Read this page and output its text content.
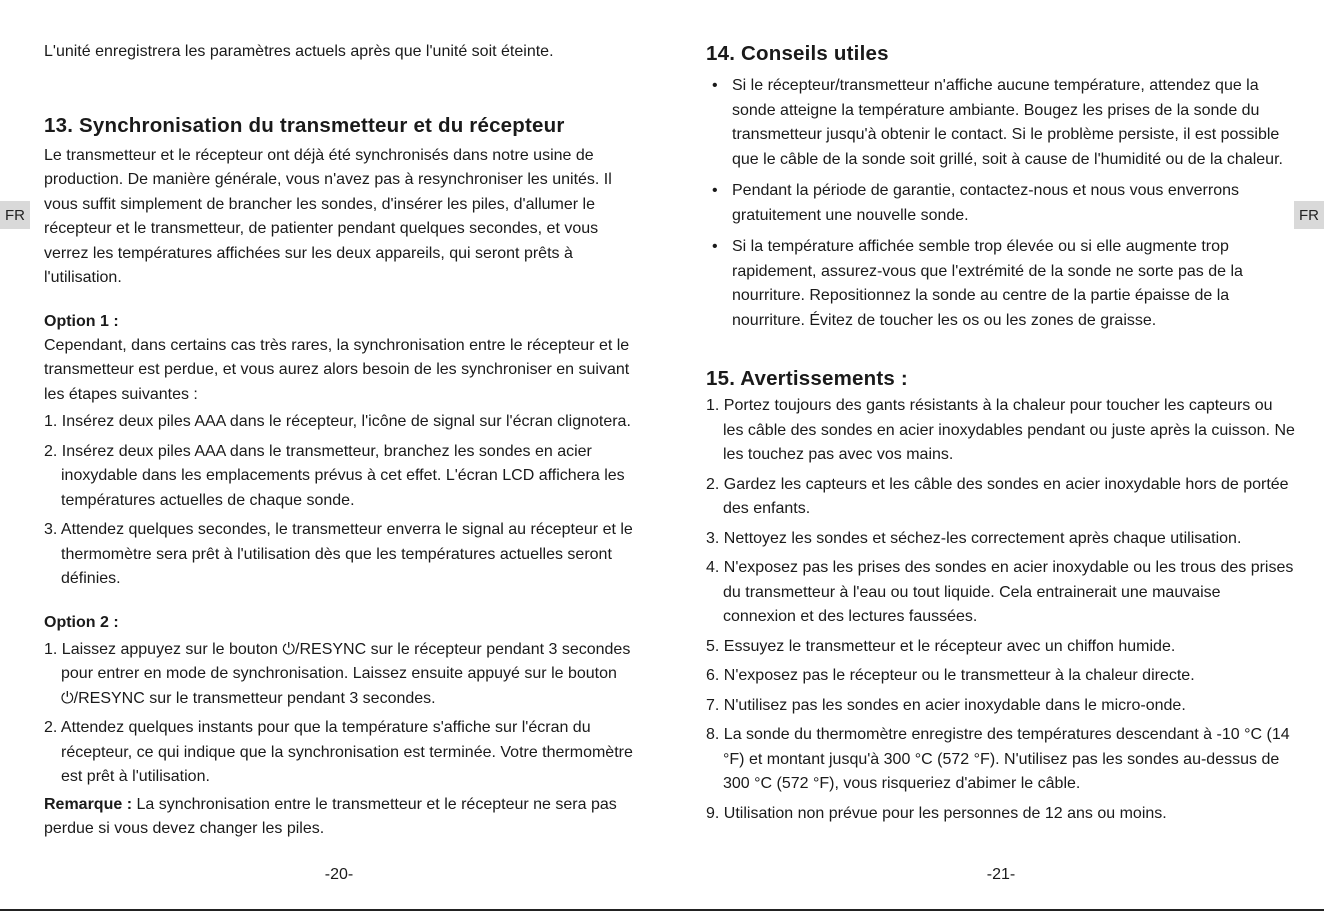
FR	FR

L'unité enregistrera les paramètres actuels après que l'unité soit éteinte.

13. Synchronisation du transmetteur et du récepteur

Le transmetteur et le récepteur ont déjà été synchronisés dans notre usine de production. De manière générale, vous n'avez pas à resynchroniser les unités. Il vous suffit simplement de brancher les sondes, d'insérer les piles, d'allumer le récepteur et le transmetteur, de patienter pendant quelques secondes, et vous verrez les températures affichées sur les deux appareils, qui seront prêts à l'utilisation.

Option 1 :

Cependant, dans certains cas très rares, la synchronisation entre le récepteur et le transmetteur est perdue, et vous aurez alors besoin de les synchroniser en suivant les étapes suivantes :

1. Insérez deux piles AAA dans le récepteur, l'icône de signal sur l'écran clignotera.
2. Insérez deux piles AAA dans le transmetteur, branchez les sondes en acier inoxydable dans les emplacements prévus à cet effet. L'écran LCD affichera les températures actuelles de chaque sonde.
3. Attendez quelques secondes, le transmetteur enverra le signal au récepteur et le thermomètre sera prêt à l'utilisation dès que les températures actuelles seront définies.
Option 2 :
1. Laissez appuyez sur le bouton ⏻/RESYNC sur le récepteur pendant 3 secondes pour entrer en mode de synchronisation. Laissez ensuite appuyé sur le bouton ⏻/RESYNC sur le transmetteur pendant 3 secondes.
2. Attendez quelques instants pour que la température s'affiche sur l'écran du récepteur, ce qui indique que la synchronisation est terminée. Votre thermomètre est prêt à l'utilisation.

Remarque : La synchronisation entre le transmetteur et le récepteur ne sera pas perdue si vous devez changer les piles.

-20-
14. Conseils utiles
• Si le récepteur/transmetteur n'affiche aucune température, attendez que la sonde atteigne la température ambiante. Bougez les prises de la sonde du transmetteur jusqu'à obtenir le contact. Si le problème persiste, il est possible que le câble de la sonde soit grillé, soit à cause de l'humidité ou de la chaleur.
• Pendant la période de garantie, contactez-nous et nous vous enverrons gratuitement une nouvelle sonde.
• Si la température affichée semble trop élevée ou si elle augmente trop rapidement, assurez-vous que l'extrémité de la sonde ne sorte pas de la nourriture. Repositionnez la sonde au centre de la partie épaisse de la nourriture. Évitez de toucher les os ou les zones de graisse.
15. Avertissements :
1. Portez toujours des gants résistants à la chaleur pour toucher les capteurs ou les câble des sondes en acier inoxydables pendant ou juste après la cuisson. Ne les touchez pas avec vos mains.
2. Gardez les capteurs et les câble des sondes en acier inoxydable hors de portée des enfants.
3. Nettoyez les sondes et séchez-les correctement après chaque utilisation.
4. N'exposez pas les prises des sondes en acier inoxydable ou les trous des prises du transmetteur à l'eau ou tout liquide. Cela entrainerait une mauvaise connexion et des lectures faussées.
5. Essuyez le transmetteur et le récepteur avec un chiffon humide.
6. N'exposez pas le récepteur ou le transmetteur à la chaleur directe.
7. N'utilisez pas les sondes en acier inoxydable dans le micro-onde.
8. La sonde du thermomètre enregistre des températures descendant à -10 °C (14 °F) et montant jusqu'à 300 °C (572 °F). N'utilisez pas les sondes au-dessus de 300 °C (572 °F), vous risqueriez d'abimer le câble.
9. Utilisation non prévue pour les personnes de 12 ans ou moins.
-21-
